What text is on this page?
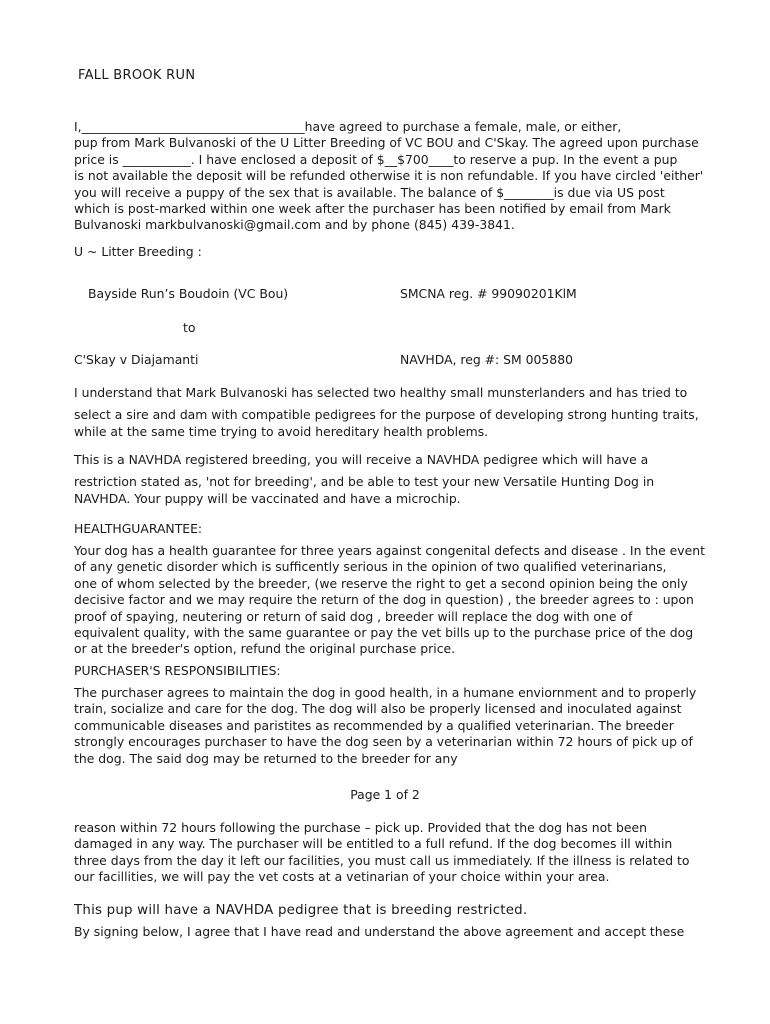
FALL BROOK RUN
I,____________________________________have agreed to purchase a female, male, or either,
pup from Mark Bulvanoski of the U Litter Breeding of VC BOU and C'Skay. The agreed upon purchase
price is ___________. I have enclosed a deposit of $__$700____to reserve a pup. In the event a pup
is not available the deposit will be refunded otherwise it is non refundable. If you have circled 'either'
you will receive a puppy of the sex that is available. The balance of $________is due via US post
which is post-marked within one week after the purchaser has been notified by email from Mark
Bulvanoski markbulvanoski@gmail.com and by phone (845) 439-3841.
U ~ Litter Breeding :
Bayside Run’s Boudoin (VC Bou)	SMCNA reg. # 99090201KlM
to
C'Skay v Diajamanti	NAVHDA, reg #: SM 005880
I understand that Mark Bulvanoski has selected two healthy small munsterlanders and has tried to
select a sire and dam with compatible pedigrees for the purpose of developing strong hunting traits,
while at the same time trying to avoid hereditary health problems.
This is a NAVHDA registered breeding, you will receive a NAVHDA pedigree which will have a
restriction stated as, 'not for breeding', and be able to test your new Versatile Hunting Dog in
NAVHDA. Your puppy will be vaccinated and have a microchip.
HEALTHGUARANTEE:
Your dog has a health guarantee for three years against congenital defects and disease . In the event
of any genetic disorder which is sufficently serious in the opinion of two qualified veterinarians,
one of whom selected by the breeder, (we reserve the right to get a second opinion being the only
decisive factor and we may require the return of the dog in question) , the breeder agrees to : upon
proof of spaying, neutering or return of said dog , breeder will replace the dog with one of
equivalent quality, with the same guarantee or pay the vet bills up to the purchase price of the dog
or at the breeder's option, refund the original purchase price.
PURCHASER'S RESPONSIBILITIES:
The purchaser agrees to maintain the dog in good health, in a humane enviornment and to properly
train, socialize and care for the dog. The dog will also be properly licensed and inoculated against
communicable diseases and paristites as recommended by a qualified veterinarian. The breeder
strongly encourages purchaser to have the dog seen by a veterinarian within 72 hours of pick up of
the dog. The said dog may be returned to the breeder for any
Page 1 of 2
reason within 72 hours following the purchase – pick up. Provided that the dog has not been
damaged in any way. The purchaser will be entitled to a full refund. If the dog becomes ill within
three days from the day it left our facilities, you must call us immediately. If the illness is related to
our facillities, we will pay the vet costs at a vetinarian of your choice within your area.
This pup will have a NAVHDA pedigree that is breeding restricted.
By signing below, I agree that I have read and understand the above agreement and accept these
